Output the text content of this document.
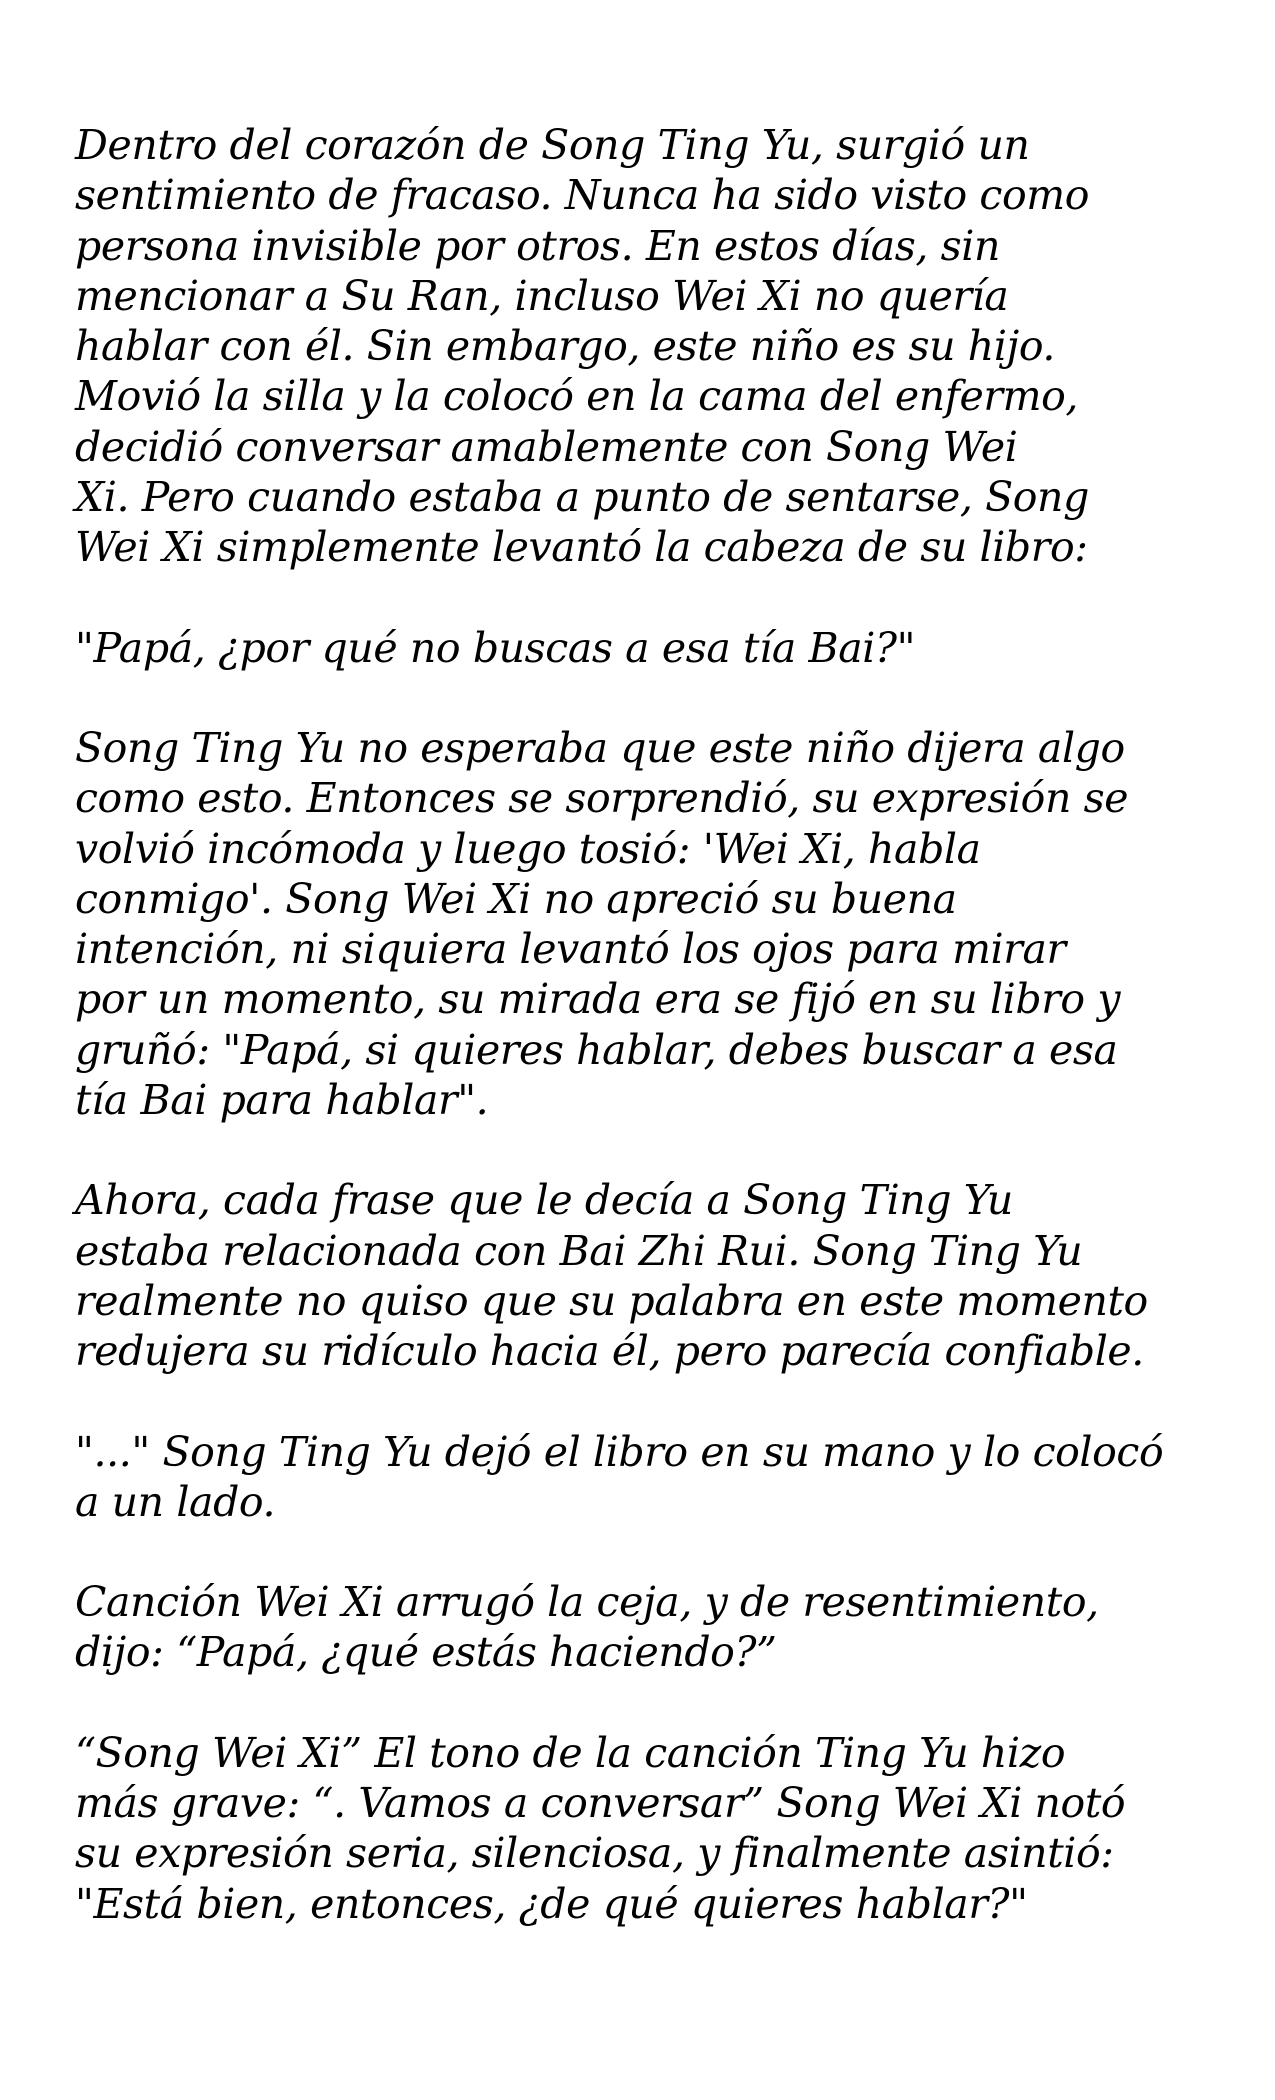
Dentro del corazón de Song Ting Yu, surgió un
sentimiento de fracaso. Nunca ha sido visto como
persona invisible por otros. En estos días, sin
mencionar a Su Ran, incluso Wei Xi no quería
hablar con él. Sin embargo, este niño es su hijo.
Movió la silla y la colocó en la cama del enfermo,
decidió conversar amablemente con Song Wei
Xi. Pero cuando estaba a punto de sentarse, Song
Wei Xi simplemente levantó la cabeza de su libro:

"Papá, ¿por qué no buscas a esa tía Bai?"

Song Ting Yu no esperaba que este niño dijera algo
como esto. Entonces se sorprendió, su expresión se
volvió incómoda y luego tosió: 'Wei Xi, habla
conmigo'. Song Wei Xi no apreció su buena
intención, ni siquiera levantó los ojos para mirar
por un momento, su mirada era se fijó en su libro y
gruñó: "Papá, si quieres hablar, debes buscar a esa
tía Bai para hablar".

Ahora, cada frase que le decía a Song Ting Yu
estaba relacionada con Bai Zhi Rui. Song Ting Yu
realmente no quiso que su palabra en este momento
redujera su ridículo hacia él, pero parecía confiable.

"..." Song Ting Yu dejó el libro en su mano y lo colocó
a un lado.

Canción Wei Xi arrugó la ceja, y de resentimiento,
dijo: “Papá, ¿qué estás haciendo?”

“Song Wei Xi” El tono de la canción Ting Yu hizo
más grave: “. Vamos a conversar” Song Wei Xi notó
su expresión seria, silenciosa, y finalmente asintió:
"Está bien, entonces, ¿de qué quieres hablar?"
